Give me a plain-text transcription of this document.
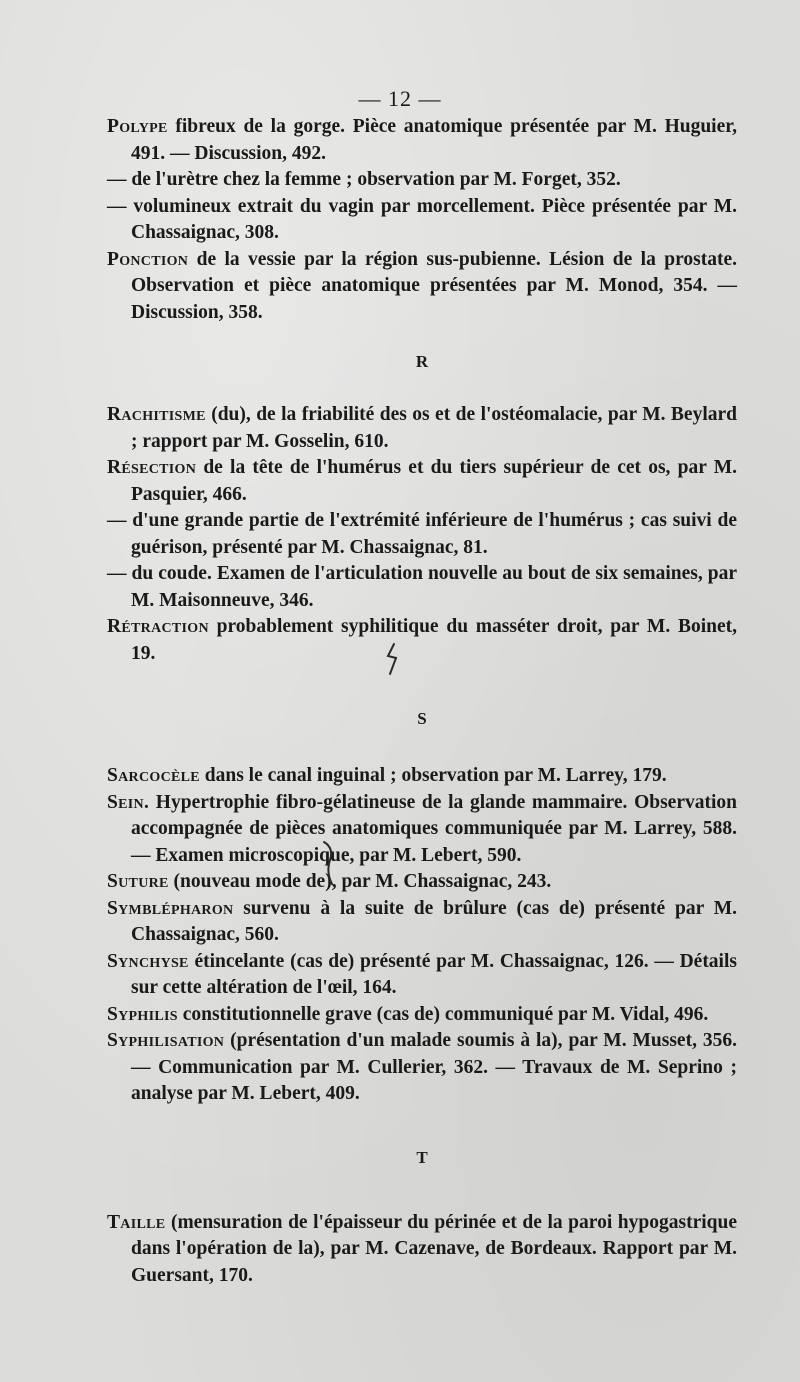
— 12 —

Polype fibreux de la gorge. Pièce anatomique présentée par M. Huguier, 491. — Discussion, 492.

— de l'urètre chez la femme ; observation par M. Forget, 352.

— volumineux extrait du vagin par morcellement. Pièce présentée par M. Chassaignac, 308.

Ponction de la vessie par la région sus-pubienne. Lésion de la prostate. Observation et pièce anatomique présentées par M. Monod, 354. — Discussion, 358.

R

Rachitisme (du), de la friabilité des os et de l'ostéomalacie, par M. Beylard ; rapport par M. Gosselin, 610.

Résection de la tête de l'humérus et du tiers supérieur de cet os, par M. Pasquier, 466.

— d'une grande partie de l'extrémité inférieure de l'humérus ; cas suivi de guérison, présenté par M. Chassaignac, 81.

— du coude. Examen de l'articulation nouvelle au bout de six semaines, par M. Maisonneuve, 346.

Rétraction probablement syphilitique du masséter droit, par M. Boinet, 19.

S

Sarcocèle dans le canal inguinal ; observation par M. Larrey, 179.

Sein. Hypertrophie fibro-gélatineuse de la glande mammaire. Observation accompagnée de pièces anatomiques communiquée par M. Larrey, 588. — Examen microscopique, par M. Lebert, 590.

Suture (nouveau mode de), par M. Chassaignac, 243.

Symblépharon survenu à la suite de brûlure (cas de) présenté par M. Chassaignac, 560.

Synchyse étincelante (cas de) présenté par M. Chassaignac, 126. — Détails sur cette altération de l'œil, 164.

Syphilis constitutionnelle grave (cas de) communiqué par M. Vidal, 496.

Syphilisation (présentation d'un malade soumis à la), par M. Musset, 356. — Communication par M. Cullerier, 362. — Travaux de M. Seprino ; analyse par M. Lebert, 409.

T

Taille (mensuration de l'épaisseur du périnée et de la paroi hypogastrique dans l'opération de la), par M. Cazenave, de Bordeaux. Rapport par M. Guersant, 170.
